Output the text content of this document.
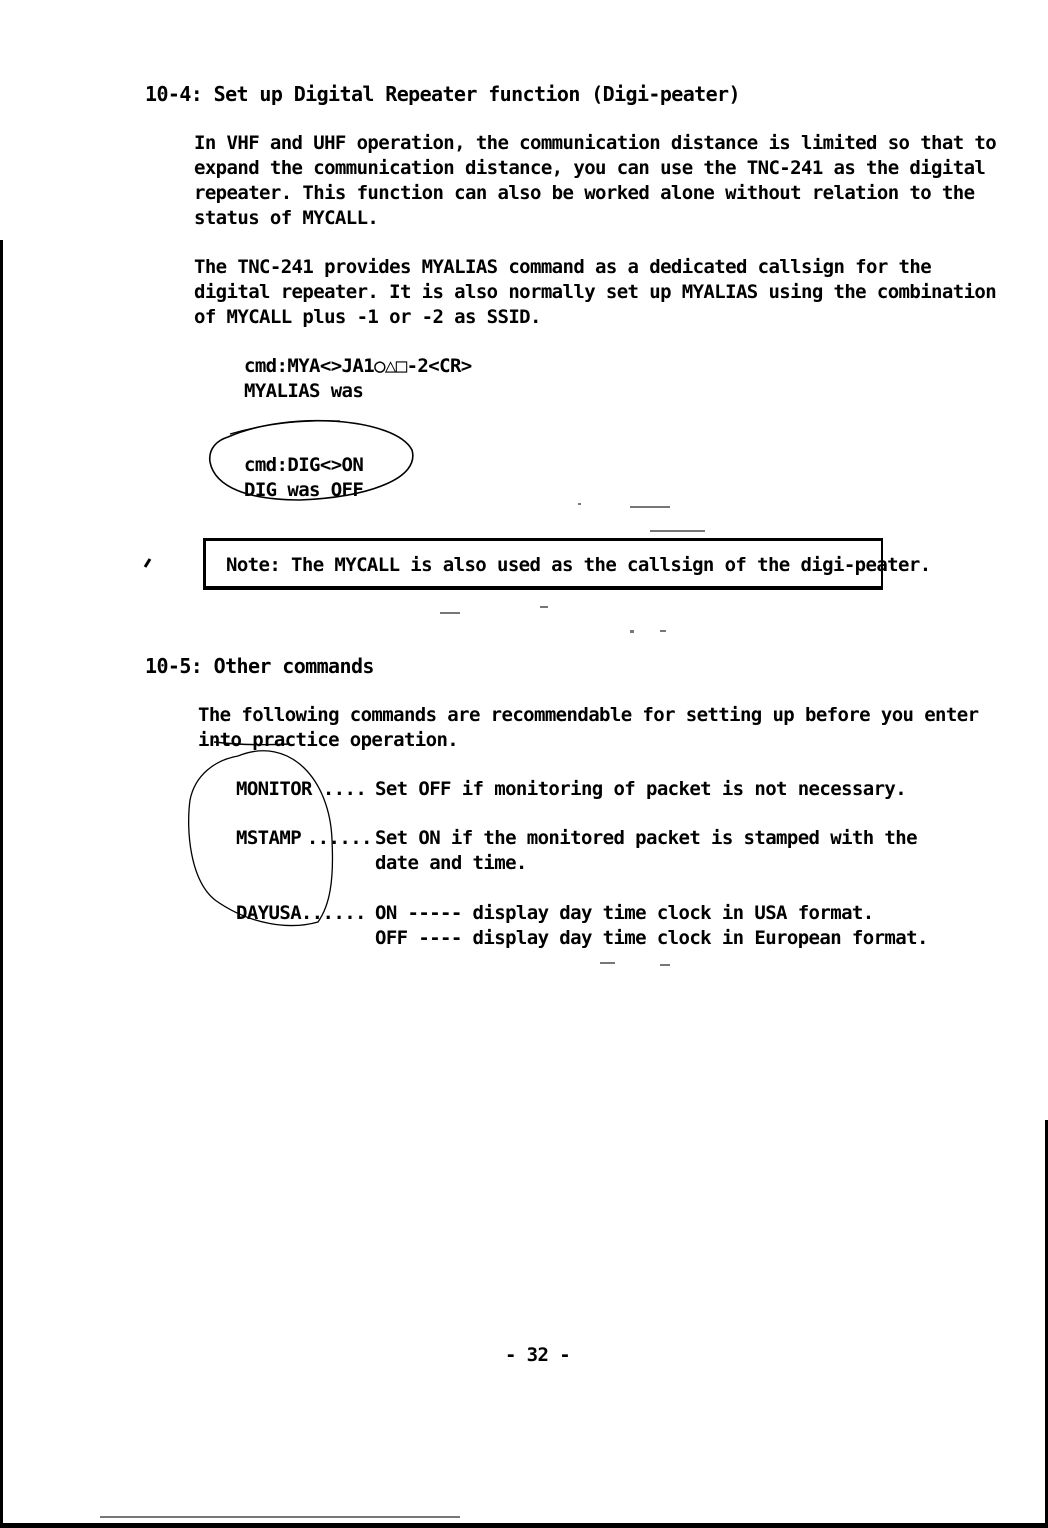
10-4: Set up Digital Repeater function (Digi-peater)
In VHF and UHF operation, the communication distance is limited so that to
expand the communication distance, you can use the TNC-241 as the digital
repeater. This function can also be worked alone without relation to the
status of MYCALL.
The TNC-241 provides MYALIAS command as a dedicated callsign for the
digital repeater. It is also normally set up MYALIAS using the combination
of MYCALL plus -1 or -2 as SSID.
cmd:MYA<>JA1○△□-2<CR>
MYALIAS was
cmd:DIG<>ON
DIG was OFF
Note: The MYCALL is also used as the callsign of the digi-peater.
10-5: Other commands
The following commands are recommendable for setting up before you enter
into practice operation.
MONITOR ....
Set OFF if monitoring of packet is not necessary.
MSTAMP
......
Set ON if the monitored packet is stamped with the
date and time.
DAYUSA
......
ON ----- display day time clock in USA format.
OFF ---- display day time clock in European format.
- 32 -
